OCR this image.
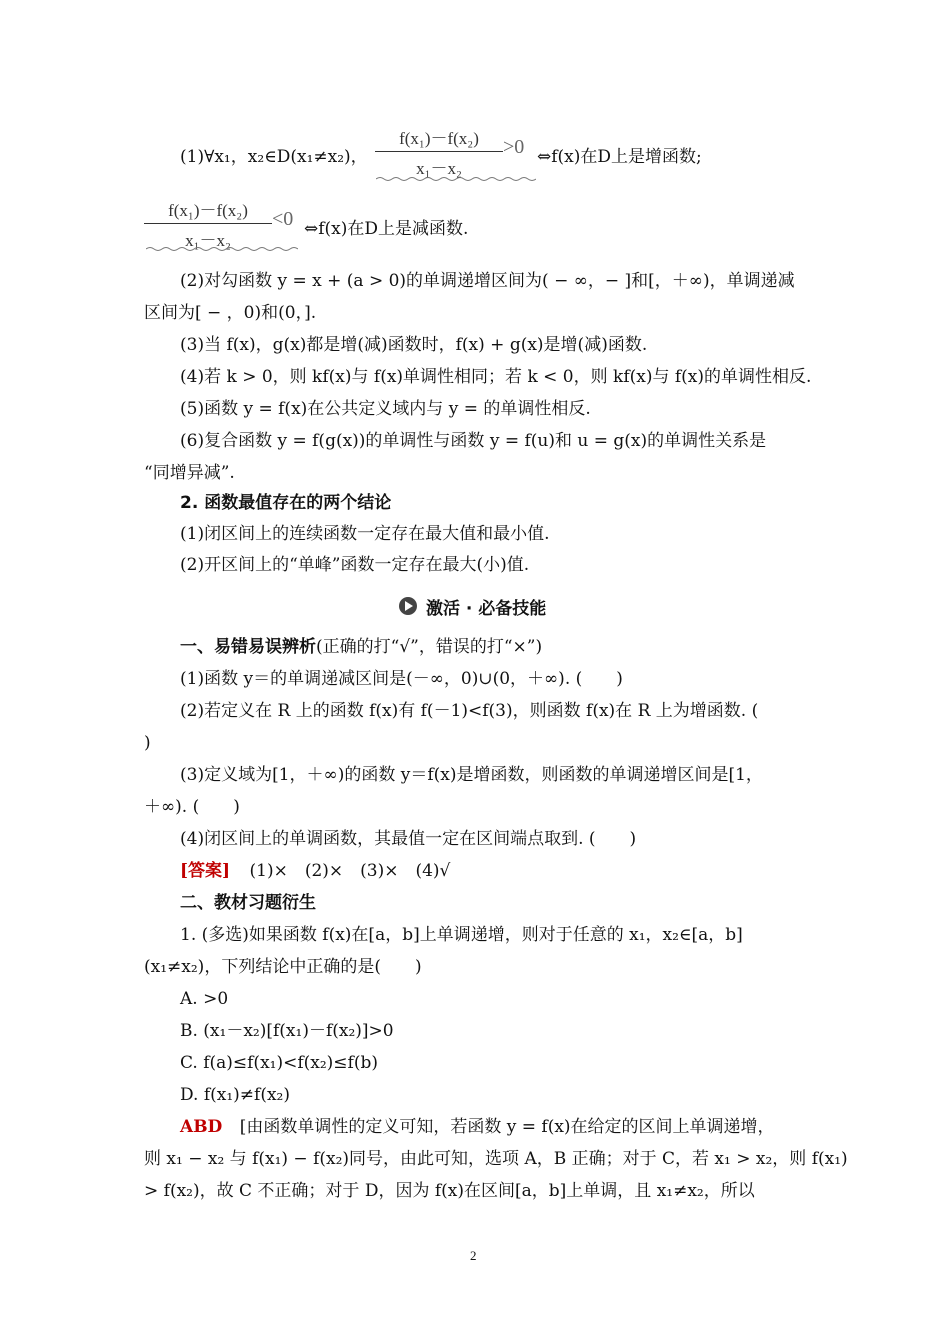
(1)∀x₁，x₂∈D(x₁≠x₂)，
f(x₁)－f(x₂)
x₁－x₂
>0 ⇔f(x)在D上是增函数;
f(x₁)－f(x₂)
x₁－x₂
<0 ⇔f(x)在D上是减函数.
(2)对勾函数 y = x + (a > 0)的单调递增区间为( − ∞，− ]和[，＋∞)，单调递减
区间为[ − ，0)和(0，].
(3)当 f(x)，g(x)都是增(减)函数时，f(x) + g(x)是增(减)函数.
(4)若 k > 0，则 kf(x)与 f(x)单调性相同；若 k < 0，则 kf(x)与 f(x)的单调性相反.
(5)函数 y = f(x)在公共定义域内与 y = 的单调性相反.
(6)复合函数 y = f(g(x))的单调性与函数 y = f(u)和 u = g(x)的单调性关系是
“同增异减”.
2. 函数最值存在的两个结论
(1)闭区间上的连续函数一定存在最大值和最小值.
(2)开区间上的“单峰”函数一定存在最大(小)值.
激活 · 必备技能
一、易错易误辨析(正确的打“√”，错误的打“×”)
(1)函数 y＝的单调递减区间是(－∞，0)∪(0，＋∞). (　　)
(2)若定义在 R 上的函数 f(x)有 f(－1)<f(3)，则函数 f(x)在 R 上为增函数. (
)
(3)定义域为[1，＋∞)的函数 y＝f(x)是增函数，则函数的单调递增区间是[1，
＋∞). (　　)
(4)闭区间上的单调函数，其最值一定在区间端点取到. (　　)
[答案] (1)×　(2)×　(3)×　(4)√
二、教材习题衍生
1. (多选)如果函数 f(x)在[a，b]上单调递增，则对于任意的 x₁，x₂∈[a，b]
(x₁≠x₂)，下列结论中正确的是(　　)
A. >0
B. (x₁－x₂)[f(x₁)－f(x₂)]>0
C. f(a)≤f(x₁)<f(x₂)≤f(b)
D. f(x₁)≠f(x₂)
ABD [由函数单调性的定义可知，若函数 y = f(x)在给定的区间上单调递增，
则 x₁ − x₂ 与 f(x₁) − f(x₂)同号，由此可知，选项 A，B 正确；对于 C，若 x₁ > x₂，则 f(x₁)
> f(x₂)，故 C 不正确；对于 D，因为 f(x)在区间[a，b]上单调，且 x₁≠x₂，所以
2
